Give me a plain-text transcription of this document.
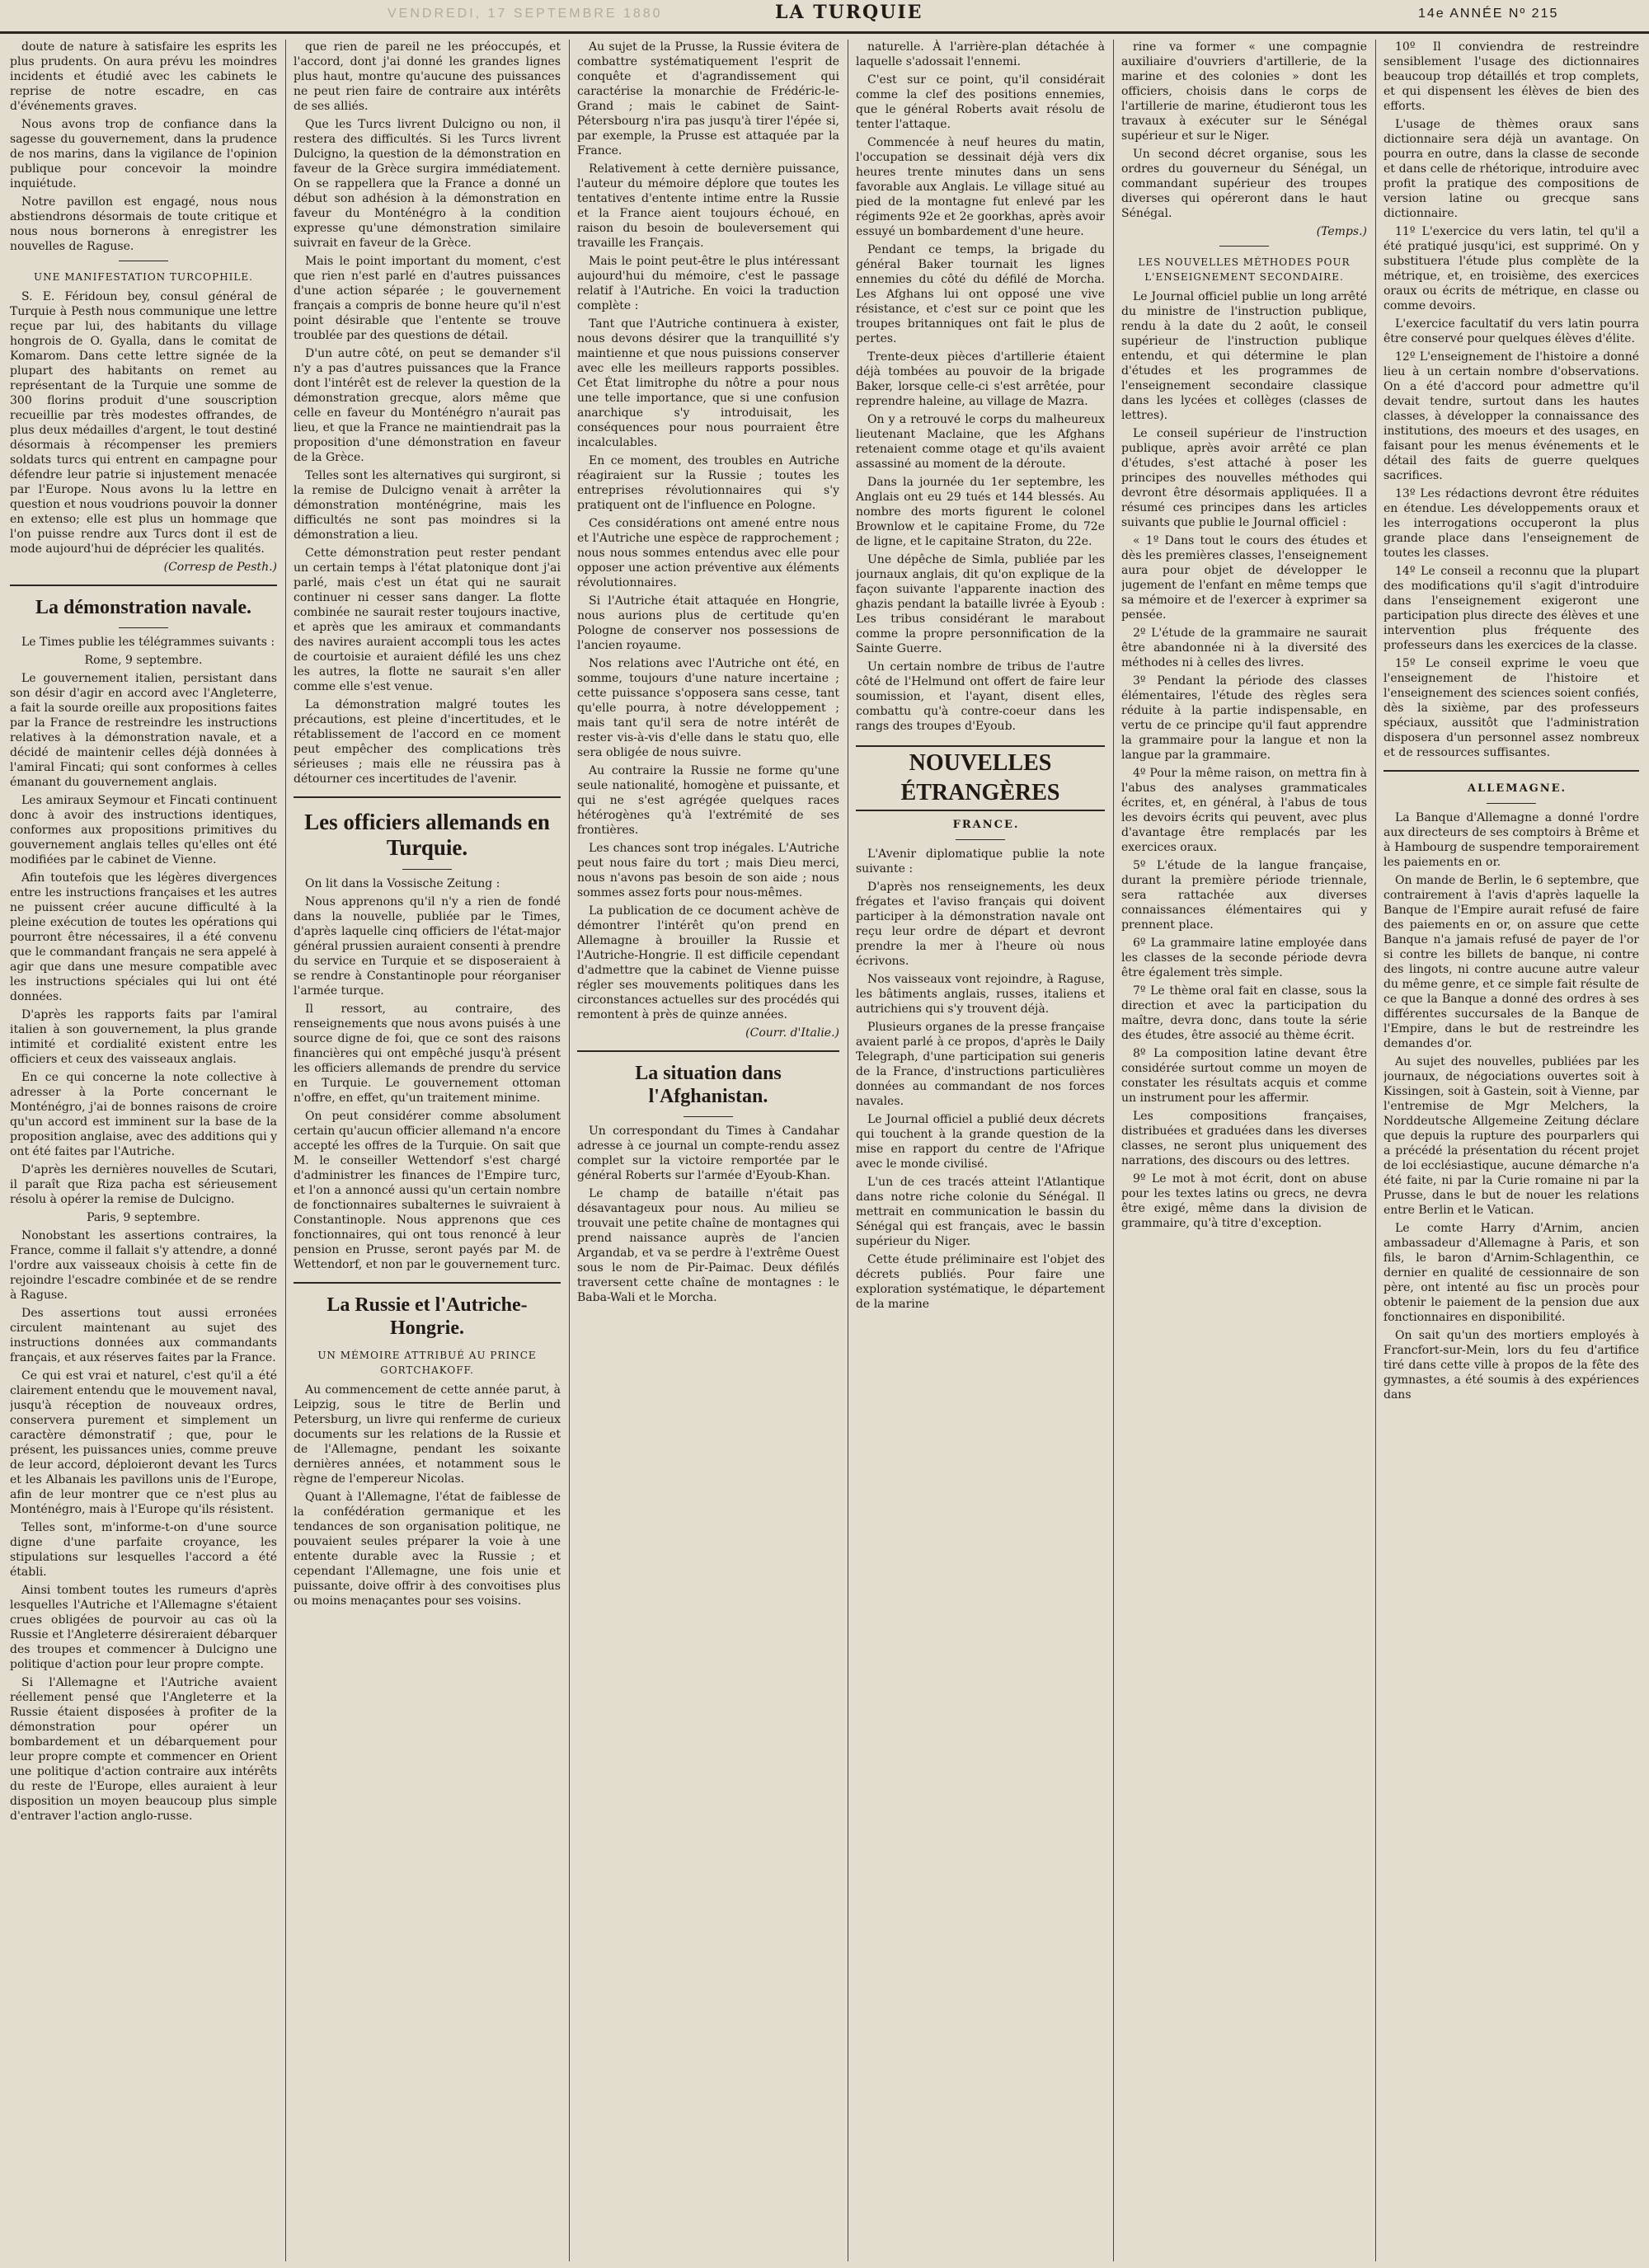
VENDREDI, 17 SEPTEMBRE 1880	LA TURQUIE	14e ANNÉE Nº 215

doute de nature à satisfaire les esprits les plus prudents. On aura prévu les moindres incidents et étudié avec les cabinets le reprise de notre escadre, en cas d'événements graves.

Nous avons trop de confiance dans la sagesse du gouvernement, dans la prudence de nos marins, dans la vigilance de l'opinion publique pour concevoir la moindre inquiétude.

Notre pavillon est engagé, nous nous abstiendrons désormais de toute critique et nous nous bornerons à enregistrer les nouvelles de Raguse.

UNE MANIFESTATION TURCOPHILE.

S. E. Féridoun bey, consul général de Turquie à Pesth nous communique une lettre reçue par lui, des habitants du village hongrois de O. Gyalla, dans le comitat de Komarom. Dans cette lettre signée de la plupart des habitants on remet au représentant de la Turquie une somme de 300 florins produit d'une souscription recueillie par très modestes offrandes, de plus deux médailles d'argent, le tout destiné désormais à récompenser les premiers soldats turcs qui entrent en campagne pour défendre leur patrie si injustement menacée par l'Europe. Nous avons lu la lettre en question et nous voudrions pouvoir la donner en extenso; elle est plus un hommage que l'on puisse rendre aux Turcs dont il est de mode aujourd'hui de déprécier les qualités.

(Corresp de Pesth.)

La démonstration navale.

Le Times publie les télégrammes suivants :

Rome, 9 septembre.

Le gouvernement italien, persistant dans son désir d'agir en accord avec l'Angleterre, a fait la sourde oreille aux propositions faites par la France de restreindre les instructions relatives à la démonstration navale, et a décidé de maintenir celles déjà données à l'amiral Fincati; qui sont conformes à celles émanant du gouvernement anglais.

Les amiraux Seymour et Fincati continuent donc à avoir des instructions identiques, conformes aux propositions primitives du gouvernement anglais telles qu'elles ont été modifiées par le cabinet de Vienne.

Afin toutefois que les légères divergences entre les instructions françaises et les autres ne puissent créer aucune difficulté à la pleine exécution de toutes les opérations qui pourront être nécessaires, il a été convenu que le commandant français ne sera appelé à agir que dans une mesure compatible avec les instructions spéciales qui lui ont été données.

D'après les rapports faits par l'amiral italien à son gouvernement, la plus grande intimité et cordialité existent entre les officiers et ceux des vaisseaux anglais.

En ce qui concerne la note collective à adresser à la Porte concernant le Monténégro, j'ai de bonnes raisons de croire qu'un accord est imminent sur la base de la proposition anglaise, avec des additions qui y ont été faites par l'Autriche.

D'après les dernières nouvelles de Scutari, il paraît que Riza pacha est sérieusement résolu à opérer la remise de Dulcigno.

Paris, 9 septembre.

Nonobstant les assertions contraires, la France, comme il fallait s'y attendre, a donné l'ordre aux vaisseaux choisis à cette fin de rejoindre l'escadre combinée et de se rendre à Raguse.

Des assertions tout aussi erronées circulent maintenant au sujet des instructions données aux commandants français, et aux réserves faites par la France.

Ce qui est vrai et naturel, c'est qu'il a été clairement entendu que le mouvement naval, jusqu'à réception de nouveaux ordres, conservera purement et simplement un caractère démonstratif ; que, pour le présent, les puissances unies, comme preuve de leur accord, déploieront devant les Turcs et les Albanais les pavillons unis de l'Europe, afin de leur montrer que ce n'est plus au Monténégro, mais à l'Europe qu'ils résistent.

Telles sont, m'informe-t-on d'une source digne d'une parfaite croyance, les stipulations sur lesquelles l'accord a été établi.

Ainsi tombent toutes les rumeurs d'après lesquelles l'Autriche et l'Allemagne s'étaient crues obligées de pourvoir au cas où la Russie et l'Angleterre désireraient débarquer des troupes et commencer à Dulcigno une politique d'action pour leur propre compte.

Si l'Allemagne et l'Autriche avaient réellement pensé que l'Angleterre et la Russie étaient disposées à profiter de la démonstration pour opérer un bombardement et un débarquement pour leur propre compte et commencer en Orient une politique d'action contraire aux intérêts du reste de l'Europe, elles auraient à leur disposition un moyen beaucoup plus simple d'entraver l'action anglo-russe.

que rien de pareil ne les préoccupés, et l'accord, dont j'ai donné les grandes lignes plus haut, montre qu'aucune des puissances ne peut rien faire de contraire aux intérêts de ses alliés.

Que les Turcs livrent Dulcigno ou non, il restera des difficultés. Si les Turcs livrent Dulcigno, la question de la démonstration en faveur de la Grèce surgira immédiatement. On se rappellera que la France a donné un début son adhésion à la démonstration en faveur du Monténégro à la condition expresse qu'une démonstration similaire suivrait en faveur de la Grèce.

Mais le point important du moment, c'est que rien n'est parlé en d'autres puissances d'une action séparée ; le gouvernement français a compris de bonne heure qu'il n'est point désirable que l'entente se trouve troublée par des questions de détail.

D'un autre côté, on peut se demander s'il n'y a pas d'autres puissances que la France dont l'intérêt est de relever la question de la démonstration grecque, alors même que celle en faveur du Monténégro n'aurait pas lieu, et que la France ne maintiendrait pas la proposition d'une démonstration en faveur de la Grèce.

Telles sont les alternatives qui surgiront, si la remise de Dulcigno venait à arrêter la démonstration monténégrine, mais les difficultés ne sont pas moindres si la démonstration a lieu.

Cette démonstration peut rester pendant un certain temps à l'état platonique dont j'ai parlé, mais c'est un état qui ne saurait continuer ni cesser sans danger. La flotte combinée ne saurait rester toujours inactive, et après que les amiraux et commandants des navires auraient accompli tous les actes de courtoisie et auraient défilé les uns chez les autres, la flotte ne saurait s'en aller comme elle s'est venue.

La démonstration malgré toutes les précautions, est pleine d'incertitudes, et le rétablissement de l'accord en ce moment peut empêcher des complications très sérieuses ; mais elle ne réussira pas à détourner ces incertitudes de l'avenir.

Les officiers allemands en Turquie.

On lit dans la Vossische Zeitung :

Nous apprenons qu'il n'y a rien de fondé dans la nouvelle, publiée par le Times, d'après laquelle cinq officiers de l'état-major général prussien auraient consenti à prendre du service en Turquie et se disposeraient à se rendre à Constantinople pour réorganiser l'armée turque.

Il ressort, au contraire, des renseignements que nous avons puisés à une source digne de foi, que ce sont des raisons financières qui ont empêché jusqu'à présent les officiers allemands de prendre du service en Turquie. Le gouvernement ottoman n'offre, en effet, qu'un traitement minime.

On peut considérer comme absolument certain qu'aucun officier allemand n'a encore accepté les offres de la Turquie. On sait que M. le conseiller Wettendorf s'est chargé d'administrer les finances de l'Empire turc, et l'on a annoncé aussi qu'un certain nombre de fonctionnaires subalternes le suivraient à Constantinople. Nous apprenons que ces fonctionnaires, qui ont tous renoncé à leur pension en Prusse, seront payés par M. de Wettendorf, et non par le gouvernement turc.

La Russie et l'Autriche-Hongrie.

UN MÉMOIRE ATTRIBUÉ AU PRINCE GORTCHAKOFF.

Au commencement de cette année parut, à Leipzig, sous le titre de Berlin und Petersburg, un livre qui renferme de curieux documents sur les relations de la Russie et de l'Allemagne, pendant les soixante dernières années, et notamment sous le règne de l'empereur Nicolas.

Quant à l'Allemagne, l'état de faiblesse de la confédération germanique et les tendances de son organisation politique, ne pouvaient seules préparer la voie à une entente durable avec la Russie ; et cependant l'Allemagne, une fois unie et puissante, doive offrir à des convoitises plus ou moins menaçantes pour ses voisins.

Au sujet de la Prusse, la Russie évitera de combattre systématiquement l'esprit de conquête et d'agrandissement qui caractérise la monarchie de Frédéric-le-Grand ; mais le cabinet de Saint-Pétersbourg n'ira pas jusqu'à tirer l'épée si, par exemple, la Prusse est attaquée par la France.

Relativement à cette dernière puissance, l'auteur du mémoire déplore que toutes les tentatives d'entente intime entre la Russie et la France aient toujours échoué, en raison du besoin de bouleversement qui travaille les Français.

Mais le point peut-être le plus intéressant aujourd'hui du mémoire, c'est le passage relatif à l'Autriche. En voici la traduction complète :

Tant que l'Autriche continuera à exister, nous devons désirer que la tranquillité s'y maintienne et que nous puissions conserver avec elle les meilleurs rapports possibles. Cet État limitrophe du nôtre a pour nous une telle importance, que si une confusion anarchique s'y introduisait, les conséquences pour nous pourraient être incalculables.

En ce moment, des troubles en Autriche réagiraient sur la Russie ; toutes les entreprises révolutionnaires qui s'y pratiquent ont de l'influence en Pologne.

Ces considérations ont amené entre nous et l'Autriche une espèce de rapprochement ; nous nous sommes entendus avec elle pour opposer une action préventive aux éléments révolutionnaires.

Si l'Autriche était attaquée en Hongrie, nous aurions plus de certitude qu'en Pologne de conserver nos possessions de l'ancien royaume.

Nos relations avec l'Autriche ont été, en somme, toujours d'une nature incertaine ; cette puissance s'opposera sans cesse, tant qu'elle pourra, à notre développement ; mais tant qu'il sera de notre intérêt de rester vis-à-vis d'elle dans le statu quo, elle sera obligée de nous suivre.

Au contraire la Russie ne forme qu'une seule nationalité, homogène et puissante, et qui ne s'est agrégée quelques races hétérogènes qu'à l'extrémité de ses frontières.

Les chances sont trop inégales. L'Autriche peut nous faire du tort ; mais Dieu merci, nous n'avons pas besoin de son aide ; nous sommes assez forts pour nous-mêmes.

La publication de ce document achève de démontrer l'intérêt qu'on prend en Allemagne à brouiller la Russie et l'Autriche-Hongrie. Il est difficile cependant d'admettre que la cabinet de Vienne puisse régler ses mouvements politiques dans les circonstances actuelles sur des procédés qui remontent à près de quinze années.

(Courr. d'Italie.)

La situation dans l'Afghanistan.

Un correspondant du Times à Candahar adresse à ce journal un compte-rendu assez complet sur la victoire remportée par le général Roberts sur l'armée d'Eyoub-Khan.

Le champ de bataille n'était pas désavantageux pour nous. Au milieu se trouvait une petite chaîne de montagnes qui prend naissance auprès de l'ancien Argandab, et va se perdre à l'extrême Ouest sous le nom de Pir-Paimac. Deux défilés traversent cette chaîne de montagnes : le Baba-Wali et le Morcha.

naturelle. À l'arrière-plan détachée à laquelle s'adossait l'ennemi.

C'est sur ce point, qu'il considérait comme la clef des positions ennemies, que le général Roberts avait résolu de tenter l'attaque.

Commencée à neuf heures du matin, l'occupation se dessinait déjà vers dix heures trente minutes dans un sens favorable aux Anglais. Le village situé au pied de la montagne fut enlevé par les régiments 92e et 2e goorkhas, après avoir essuyé un bombardement d'une heure.

Pendant ce temps, la brigade du général Baker tournait les lignes ennemies du côté du défilé de Morcha. Les Afghans lui ont opposé une vive résistance, et c'est sur ce point que les troupes britanniques ont fait le plus de pertes.

Trente-deux pièces d'artillerie étaient déjà tombées au pouvoir de la brigade Baker, lorsque celle-ci s'est arrêtée, pour reprendre haleine, au village de Mazra.

On y a retrouvé le corps du malheureux lieutenant Maclaine, que les Afghans retenaient comme otage et qu'ils avaient assassiné au moment de la déroute.

Dans la journée du 1er septembre, les Anglais ont eu 29 tués et 144 blessés. Au nombre des morts figurent le colonel Brownlow et le capitaine Frome, du 72e de ligne, et le capitaine Straton, du 22e.

Une dépêche de Simla, publiée par les journaux anglais, dit qu'on explique de la façon suivante l'apparente inaction des ghazis pendant la bataille livrée à Eyoub : Les tribus considérant le marabout comme la propre personnification de la Sainte Guerre.

Un certain nombre de tribus de l'autre côté de l'Helmund ont offert de faire leur soumission, et l'ayant, disent elles, combattu qu'à contre-coeur dans les rangs des troupes d'Eyoub.

NOUVELLES ÉTRANGÈRES

FRANCE.

L'Avenir diplomatique publie la note suivante :

D'après nos renseignements, les deux frégates et l'aviso français qui doivent participer à la démonstration navale ont reçu leur ordre de départ et devront prendre la mer à l'heure où nous écrivons.

Nos vaisseaux vont rejoindre, à Raguse, les bâtiments anglais, russes, italiens et autrichiens qui s'y trouvent déjà.

Plusieurs organes de la presse française avaient parlé à ce propos, d'après le Daily Telegraph, d'une participation sui generis de la France, d'instructions particulières données au commandant de nos forces navales.

Le Journal officiel a publié deux décrets qui touchent à la grande question de la mise en rapport du centre de l'Afrique avec le monde civilisé.

L'un de ces tracés atteint l'Atlantique dans notre riche colonie du Sénégal. Il mettrait en communication le bassin du Sénégal qui est français, avec le bassin supérieur du Niger.

Cette étude préliminaire est l'objet des décrets publiés. Pour faire une exploration systématique, le département de la marine

rine va former « une compagnie auxiliaire d'ouvriers d'artillerie, de la marine et des colonies » dont les officiers, choisis dans le corps de l'artillerie de marine, étudieront tous les travaux à exécuter sur le Sénégal supérieur et sur le Niger.

Un second décret organise, sous les ordres du gouverneur du Sénégal, un commandant supérieur des troupes diverses qui opéreront dans le haut Sénégal.

(Temps.)

LES NOUVELLES MÉTHODES POUR L'ENSEIGNEMENT SECONDAIRE.

Le Journal officiel publie un long arrêté du ministre de l'instruction publique, rendu à la date du 2 août, le conseil supérieur de l'instruction publique entendu, et qui détermine le plan d'études et les programmes de l'enseignement secondaire classique dans les lycées et collèges (classes de lettres).

Le conseil supérieur de l'instruction publique, après avoir arrêté ce plan d'études, s'est attaché à poser les principes des nouvelles méthodes qui devront être désormais appliquées. Il a résumé ces principes dans les articles suivants que publie le Journal officiel :

« 1º Dans tout le cours des études et dès les premières classes, l'enseignement aura pour objet de développer le jugement de l'enfant en même temps que sa mémoire et de l'exercer à exprimer sa pensée.

2º L'étude de la grammaire ne saurait être abandonnée ni à la diversité des méthodes ni à celles des livres.

3º Pendant la période des classes élémentaires, l'étude des règles sera réduite à la partie indispensable, en vertu de ce principe qu'il faut apprendre la grammaire pour la langue et non la langue par la grammaire.

4º Pour la même raison, on mettra fin à l'abus des analyses grammaticales écrites, et, en général, à l'abus de tous les devoirs écrits qui peuvent, avec plus d'avantage être remplacés par les exercices oraux.

5º L'étude de la langue française, durant la première période triennale, sera rattachée aux diverses connaissances élémentaires qui y prennent place.

6º La grammaire latine employée dans les classes de la seconde période devra être également très simple.

7º Le thème oral fait en classe, sous la direction et avec la participation du maître, devra donc, dans toute la série des études, être associé au thème écrit.

8º La composition latine devant être considérée surtout comme un moyen de constater les résultats acquis et comme un instrument pour les affermir.

Les compositions françaises, distribuées et graduées dans les diverses classes, ne seront plus uniquement des narrations, des discours ou des lettres.

9º Le mot à mot écrit, dont on abuse pour les textes latins ou grecs, ne devra être exigé, même dans la division de grammaire, qu'à titre d'exception.

10º Il conviendra de restreindre sensiblement l'usage des dictionnaires beaucoup trop détaillés et trop complets, et qui dispensent les élèves de bien des efforts.

L'usage de thèmes oraux sans dictionnaire sera déjà un avantage. On pourra en outre, dans la classe de seconde et dans celle de rhétorique, introduire avec profit la pratique des compositions de version latine ou grecque sans dictionnaire.

11º L'exercice du vers latin, tel qu'il a été pratiqué jusqu'ici, est supprimé. On y substituera l'étude plus complète de la métrique, et, en troisième, des exercices oraux ou écrits de métrique, en classe ou comme devoirs.

L'exercice facultatif du vers latin pourra être conservé pour quelques élèves d'élite.

12º L'enseignement de l'histoire a donné lieu à un certain nombre d'observations. On a été d'accord pour admettre qu'il devait tendre, surtout dans les hautes classes, à développer la connaissance des institutions, des moeurs et des usages, en faisant pour les menus événements et le détail des faits de guerre quelques sacrifices.

13º Les rédactions devront être réduites en étendue. Les développements oraux et les interrogations occuperont la plus grande place dans l'enseignement de toutes les classes.

14º Le conseil a reconnu que la plupart des modifications qu'il s'agit d'introduire dans l'enseignement exigeront une participation plus directe des élèves et une intervention plus fréquente des professeurs dans les exercices de la classe.

15º Le conseil exprime le voeu que l'enseignement de l'histoire et l'enseignement des sciences soient confiés, dès la sixième, par des professeurs spéciaux, aussitôt que l'administration disposera d'un personnel assez nombreux et de ressources suffisantes.

ALLEMAGNE.

La Banque d'Allemagne a donné l'ordre aux directeurs de ses comptoirs à Brême et à Hambourg de suspendre temporairement les paiements en or.

On mande de Berlin, le 6 septembre, que contrairement à l'avis d'après laquelle la Banque de l'Empire aurait refusé de faire des paiements en or, on assure que cette Banque n'a jamais refusé de payer de l'or si contre les billets de banque, ni contre des lingots, ni contre aucune autre valeur du même genre, et ce simple fait résulte de ce que la Banque a donné des ordres à ses différentes succursales de la Banque de l'Empire, dans le but de restreindre les demandes d'or.

Au sujet des nouvelles, publiées par les journaux, de négociations ouvertes soit à Kissingen, soit à Gastein, soit à Vienne, par l'entremise de Mgr Melchers, la Norddeutsche Allgemeine Zeitung déclare que depuis la rupture des pourparlers qui a précédé la présentation du récent projet de loi ecclésiastique, aucune démarche n'a été faite, ni par la Curie romaine ni par la Prusse, dans le but de nouer les relations entre Berlin et le Vatican.

Le comte Harry d'Arnim, ancien ambassadeur d'Allemagne à Paris, et son fils, le baron d'Arnim-Schlagenthin, ce dernier en qualité de cessionnaire de son père, ont intenté au fisc un procès pour obtenir le paiement de la pension due aux fonctionnaires en disponibilité.

On sait qu'un des mortiers employés à Francfort-sur-Mein, lors du feu d'artifice tiré dans cette ville à propos de la fête des gymnastes, a été soumis à des expériences dans
